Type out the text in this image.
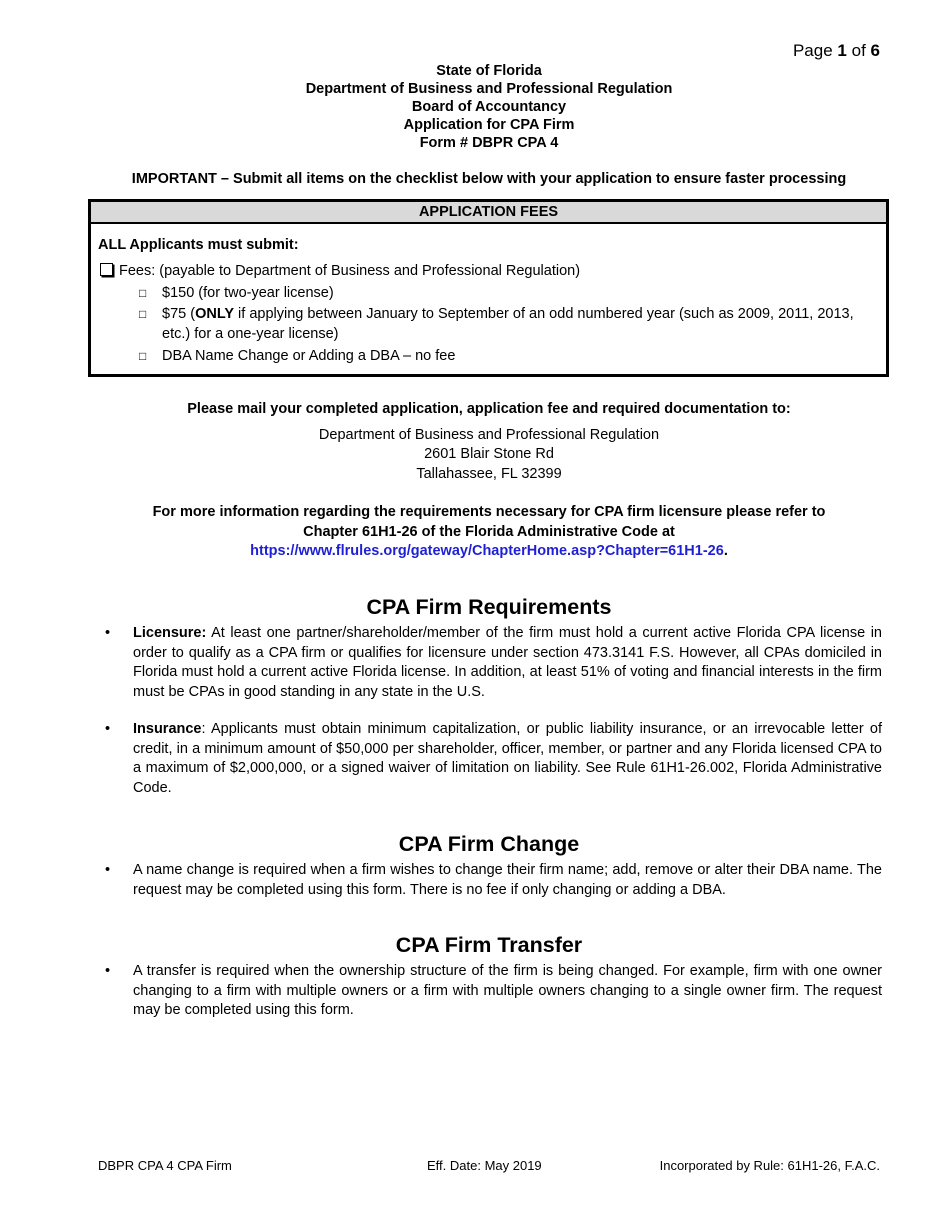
Page 1 of 6
State of Florida
Department of Business and Professional Regulation
Board of Accountancy
Application for CPA Firm
Form # DBPR CPA 4
IMPORTANT – Submit all items on the checklist below with your application to ensure faster processing
APPLICATION FEES
ALL Applicants must submit:
Fees: (payable to Department of Business and Professional Regulation)
□ $150 (for two-year license)
□ $75 (ONLY if applying between January to September of an odd numbered year (such as 2009, 2011, 2013, etc.) for a one-year license)
□ DBA Name Change or Adding a DBA – no fee
Please mail your completed application, application fee and required documentation to:
Department of Business and Professional Regulation
2601 Blair Stone Rd
Tallahassee, FL 32399
For more information regarding the requirements necessary for CPA firm licensure please refer to
Chapter 61H1-26 of the Florida Administrative Code at
https://www.flrules.org/gateway/ChapterHome.asp?Chapter=61H1-26.
CPA Firm Requirements
• Licensure: At least one partner/shareholder/member of the firm must hold a current active Florida CPA license in order to qualify as a CPA firm or qualifies for licensure under section 473.3141 F.S. However, all CPAs domiciled in Florida must hold a current active Florida license. In addition, at least 51% of voting and financial interests in the firm must be CPAs in good standing in any state in the U.S.
• Insurance: Applicants must obtain minimum capitalization, or public liability insurance, or an irrevocable letter of credit, in a minimum amount of $50,000 per shareholder, officer, member, or partner and any Florida licensed CPA to a maximum of $2,000,000, or a signed waiver of limitation on liability. See Rule 61H1-26.002, Florida Administrative Code.
CPA Firm Change
• A name change is required when a firm wishes to change their firm name; add, remove or alter their DBA name. The request may be completed using this form. There is no fee if only changing or adding a DBA.
CPA Firm Transfer
• A transfer is required when the ownership structure of the firm is being changed. For example, firm with one owner changing to a firm with multiple owners or a firm with multiple owners changing to a single owner firm. The request may be completed using this form.
DBPR CPA 4 CPA Firm	Eff. Date: May 2019	Incorporated by Rule: 61H1-26, F.A.C.
